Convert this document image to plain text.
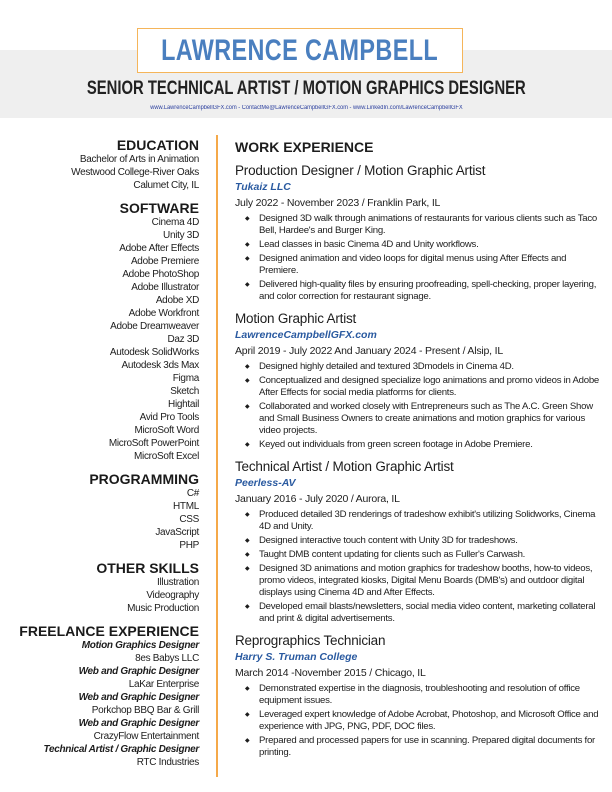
LAWRENCE CAMPBELL
SENIOR TECHNICAL ARTIST / MOTION GRAPHICS DESIGNER
www.LawrenceCampbellGFX.com - ContactMe@LawrenceCampbellGFX.com - www.LinkedIn.com/LawrenceCampbellGFX
EDUCATION
Bachelor of Arts in Animation
Westwood College-River Oaks
Calumet City, IL
SOFTWARE
Cinema 4D
Unity 3D
Adobe After Effects
Adobe Premiere
Adobe PhotoShop
Adobe Illustrator
Adobe XD
Adobe Workfront
Adobe Dreamweaver
Daz 3D
Autodesk SolidWorks
Autodesk 3ds Max
Figma
Sketch
Hightail
Avid Pro Tools
MicroSoft Word
MicroSoft PowerPoint
MicroSoft Excel
PROGRAMMING
C#
HTML
CSS
JavaScript
PHP
OTHER SKILLS
Illustration
Videography
Music Production
FREELANCE EXPERIENCE
Motion Graphics Designer
8es Babys LLC
Web and Graphic Designer
LaKar Enterprise
Web and Graphic Designer
Porkchop BBQ Bar & Grill
Web and Graphic Designer
CrazyFlow Entertainment
Technical Artist / Graphic Designer
RTC Industries
WORK EXPERIENCE
Production Designer / Motion Graphic Artist
Tukaiz LLC
July 2022 - November 2023 / Franklin Park, IL
◆ Designed 3D walk through animations of restaurants for various clients such as Taco Bell, Hardee's and Burger King.
◆ Lead classes in basic Cinema 4D and Unity workflows.
◆ Designed animation and video loops for digital menus using After Effects and Premiere.
◆ Delivered high-quality files by ensuring proofreading, spell-checking, proper layering, and color correction for restaurant signage.
Motion Graphic Artist
LawrenceCampbellGFX.com
April 2019 - July 2022 And January 2024 - Present / Alsip, IL
◆ Designed highly detailed and textured 3Dmodels in Cinema 4D.
◆ Conceptualized and designed specialize logo animations and promo videos in Adobe After Effects for social media platforms for clients.
◆ Collaborated and worked closely with Entrepreneurs such as The A.C. Green Show and Small Business Owners to create animations and motion graphics for various video projects.
◆ Keyed out individuals from green screen footage in Adobe Premiere.
Technical Artist / Motion Graphic Artist
Peerless-AV
January 2016 - July 2020 / Aurora, IL
◆ Produced detailed 3D renderings of tradeshow exhibit's utilizing Solidworks, Cinema 4D and Unity.
◆ Designed interactive touch content with Unity 3D for tradeshows.
◆ Taught DMB content updating for clients such as Fuller's Carwash.
◆ Designed 3D animations and motion graphics for tradeshow booths, how-to videos, promo videos, integrated kiosks, Digital Menu Boards (DMB's) and outdoor digital displays using Cinema 4D and After Effects.
◆ Developed email blasts/newsletters, social media video content, marketing collateral and print & digital advertisements.
Reprographics Technician
Harry S. Truman College
March 2014 -November 2015 / Chicago, IL
◆ Demonstrated expertise in the diagnosis, troubleshooting and resolution of office equipment issues.
◆ Leveraged expert knowledge of Adobe Acrobat, Photoshop, and Microsoft Office and experience with JPG, PNG, PDF, DOC files.
◆ Prepared and processed papers for use in scanning. Prepared digital documents for printing.
